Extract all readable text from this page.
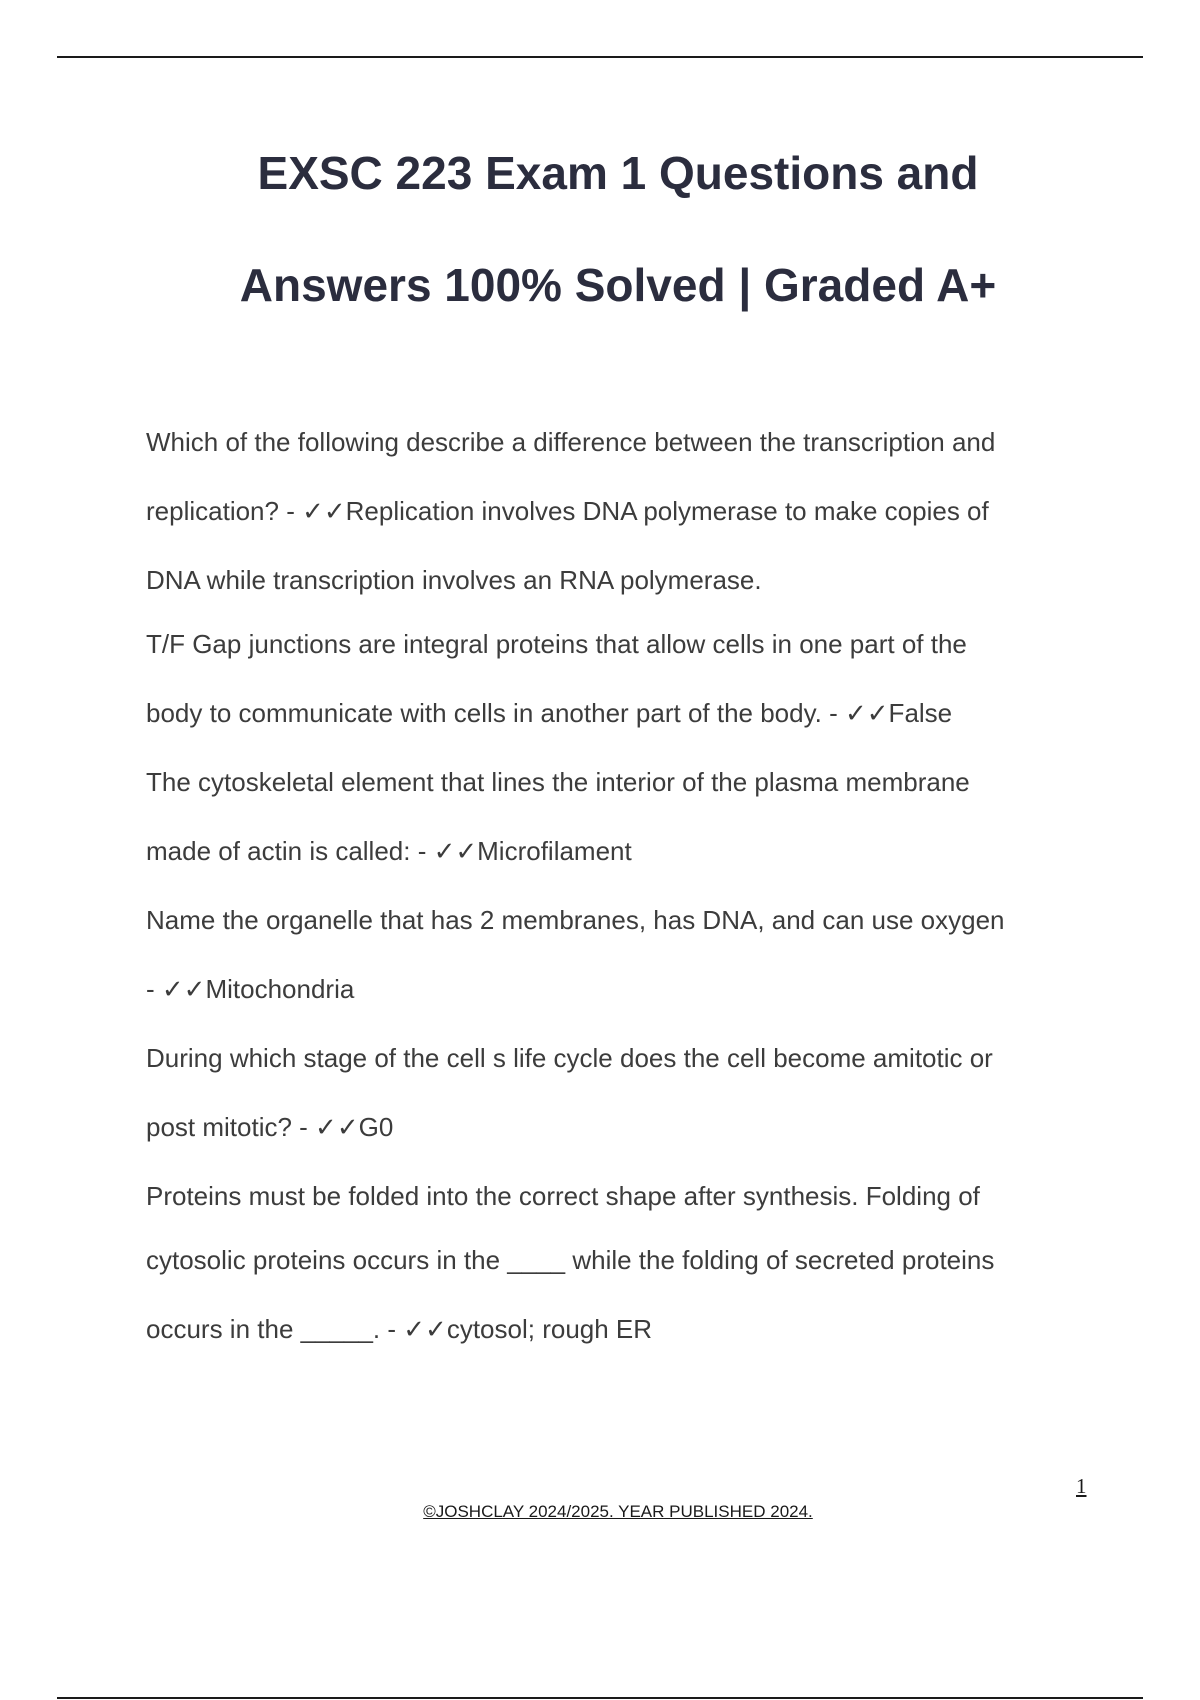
EXSC 223 Exam 1 Questions and
Answers 100% Solved | Graded A+
Which of the following describe a difference between the transcription and
replication? - ✓✓Replication involves DNA polymerase to make copies of
DNA while transcription involves an RNA polymerase.
T/F Gap junctions are integral proteins that allow cells in one part of the
body to communicate with cells in another part of the body. - ✓✓False
The cytoskeletal element that lines the interior of the plasma membrane
made of actin is called: - ✓✓Microfilament
Name the organelle that has 2 membranes, has DNA, and can use oxygen
- ✓✓Mitochondria
During which stage of the cell s life cycle does the cell become amitotic or
post mitotic? - ✓✓G0
Proteins must be folded into the correct shape after synthesis. Folding of
cytosolic proteins occurs in the ____ while the folding of secreted proteins
occurs in the _____. - ✓✓cytosol; rough ER
1
©JOSHCLAY 2024/2025. YEAR PUBLISHED 2024.
